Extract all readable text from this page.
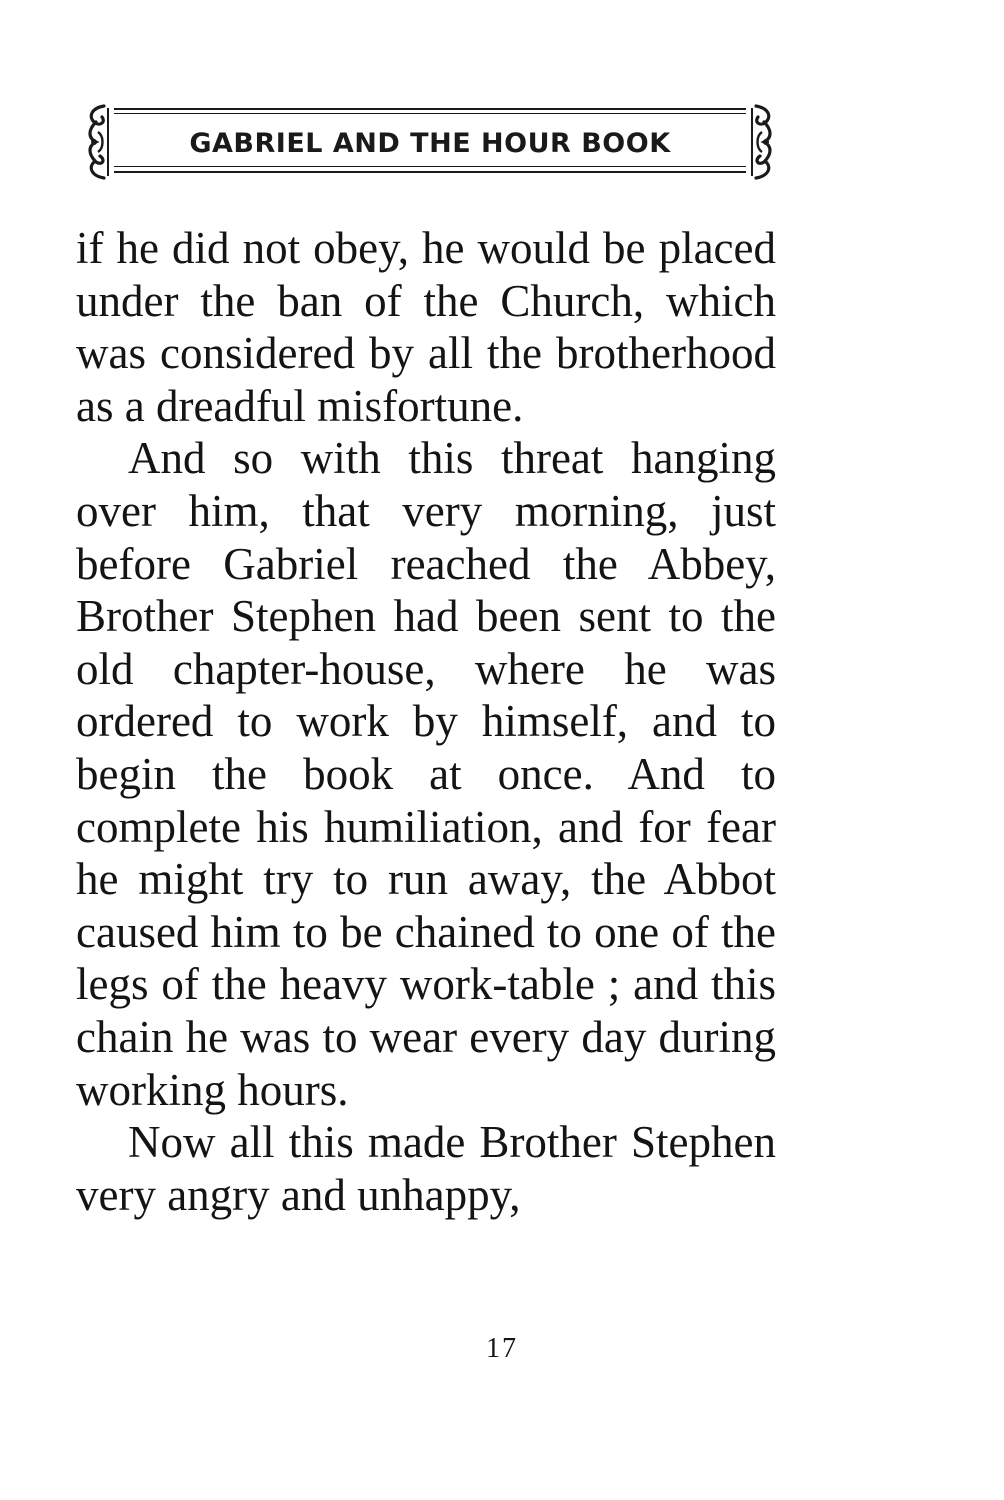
GABRIEL AND THE HOUR BOOK

if he did not obey, he would be placed under the ban of the Church, which was considered by all the brotherhood as a dreadful misfortune.

And so with this threat hanging over him, that very morning, just before Gabriel reached the Abbey, Brother Stephen had been sent to the old chapter-house, where he was ordered to work by himself, and to begin the book at once. And to complete his humiliation, and for fear he might try to run away, the Abbot caused him to be chained to one of the legs of the heavy work-table ; and this chain he was to wear every day during working hours.

Now all this made Brother Stephen very angry and unhappy,

17
